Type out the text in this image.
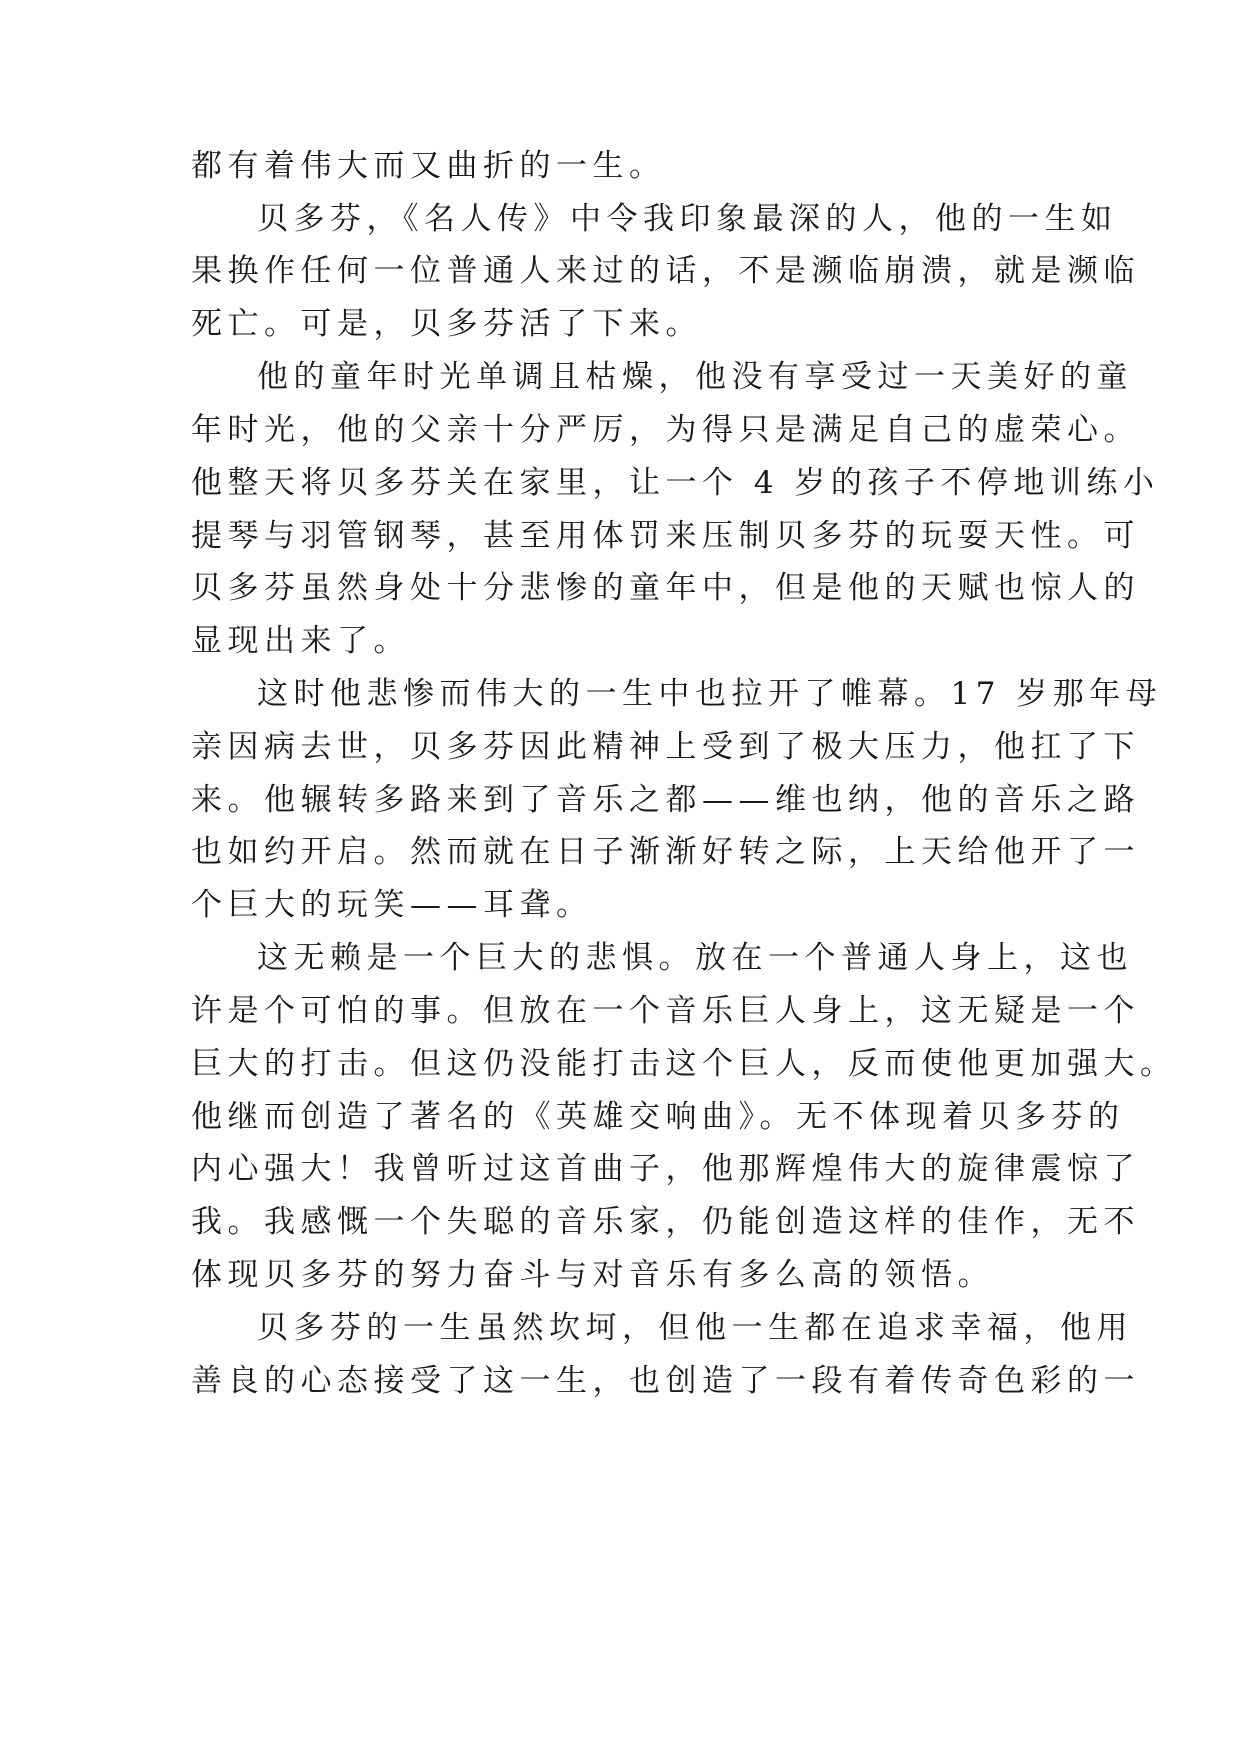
都有着伟大而又曲折的一生。
贝多芬，《名人传》中令我印象最深的人，他的一生如
果换作任何一位普通人来过的话，不是濒临崩溃，就是濒临
死亡。可是，贝多芬活了下来。
他的童年时光单调且枯燥，他没有享受过一天美好的童
年时光，他的父亲十分严厉，为得只是满足自己的虚荣心。
他整天将贝多芬关在家里，让一个 4 岁的孩子不停地训练小
提琴与羽管钢琴，甚至用体罚来压制贝多芬的玩耍天性。可
贝多芬虽然身处十分悲惨的童年中，但是他的天赋也惊人的
显现出来了。
这时他悲惨而伟大的一生中也拉开了帷幕。17 岁那年母
亲因病去世，贝多芬因此精神上受到了极大压力，他扛了下
来。他辗转多路来到了音乐之都——维也纳，他的音乐之路
也如约开启。然而就在日子渐渐好转之际，上天给他开了一
个巨大的玩笑——耳聋。
这无赖是一个巨大的悲惧。放在一个普通人身上，这也
许是个可怕的事。但放在一个音乐巨人身上，这无疑是一个
巨大的打击。但这仍没能打击这个巨人，反而使他更加强大。
他继而创造了著名的《英雄交响曲》。无不体现着贝多芬的
内心强大！我曾听过这首曲子，他那辉煌伟大的旋律震惊了
我。我感慨一个失聪的音乐家，仍能创造这样的佳作，无不
体现贝多芬的努力奋斗与对音乐有多么高的领悟。
贝多芬的一生虽然坎坷，但他一生都在追求幸福，他用
善良的心态接受了这一生，也创造了一段有着传奇色彩的一
